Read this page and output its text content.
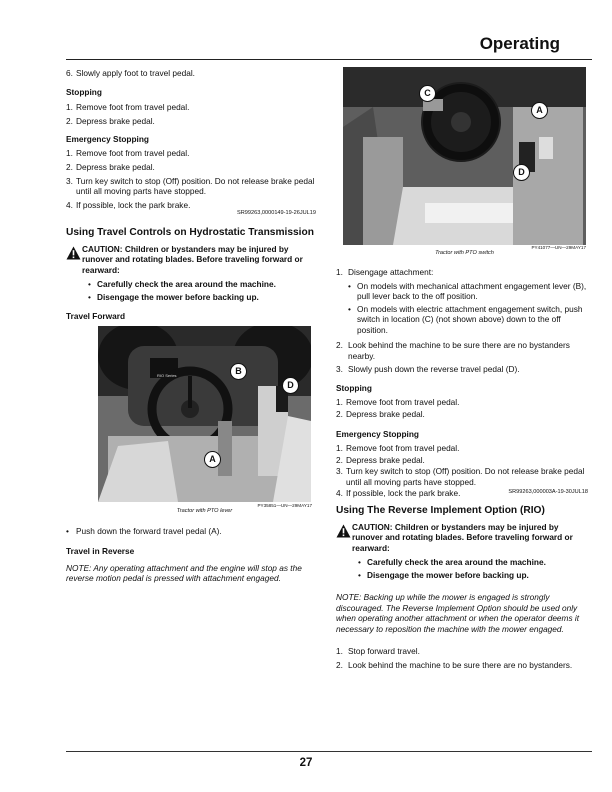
Operating
6. Slowly apply foot to travel pedal.
Stopping
1. Remove foot from travel pedal.
2. Depress brake pedal.
Emergency Stopping
1. Remove foot from travel pedal.
2. Depress brake pedal.
3. Turn key switch to stop (Off) position. Do not release brake pedal until all moving parts have stopped.
4. If possible, lock the park brake.
SR99263,0000149-19-26JUL19
Using Travel Controls on Hydrostatic Transmission
CAUTION: Children or bystanders may be injured by runover and rotating blades. Before traveling forward or rearward:
• Carefully check the area around the machine.
• Disengage the mower before backing up.
Travel Forward
RIO Series	B
D
A
PY35851—UN—29MAY17
Tractor with PTO lever
• Push down the forward travel pedal (A).
Travel in Reverse
NOTE: Any operating attachment and the engine will stop as the reverse motion pedal is pressed with attachment engaged.
C
A
D
PY41077—UN—29MAY17
Tractor with PTO switch
1. Disengage attachment:
• On models with mechanical attachment engagement lever (B), pull lever back to the off position.
• On models with electric attachment engagement switch, push switch in location (C) (not shown above) down to the off position.
2. Look behind the machine to be sure there are no bystanders nearby.
3. Slowly push down the reverse travel pedal (D).
Stopping
1. Remove foot from travel pedal.
2. Depress brake pedal.
Emergency Stopping
1. Remove foot from travel pedal.
2. Depress brake pedal.
3. Turn key switch to stop (Off) position. Do not release brake pedal until all moving parts have stopped.
4. If possible, lock the park brake.	SR99263,000003A-19-30JUL18
Using The Reverse Implement Option (RIO)
CAUTION: Children or bystanders may be injured by runover and rotating blades. Before traveling forward or rearward:
• Carefully check the area around the machine.
• Disengage the mower before backing up.
NOTE: Backing up while the mower is engaged is strongly discouraged. The Reverse Implement Option should be used only when operating another attachment or when the operator deems it necessary to reposition the machine with the mower engaged.
1. Stop forward travel.
2. Look behind the machine to be sure there are no bystanders.
27
